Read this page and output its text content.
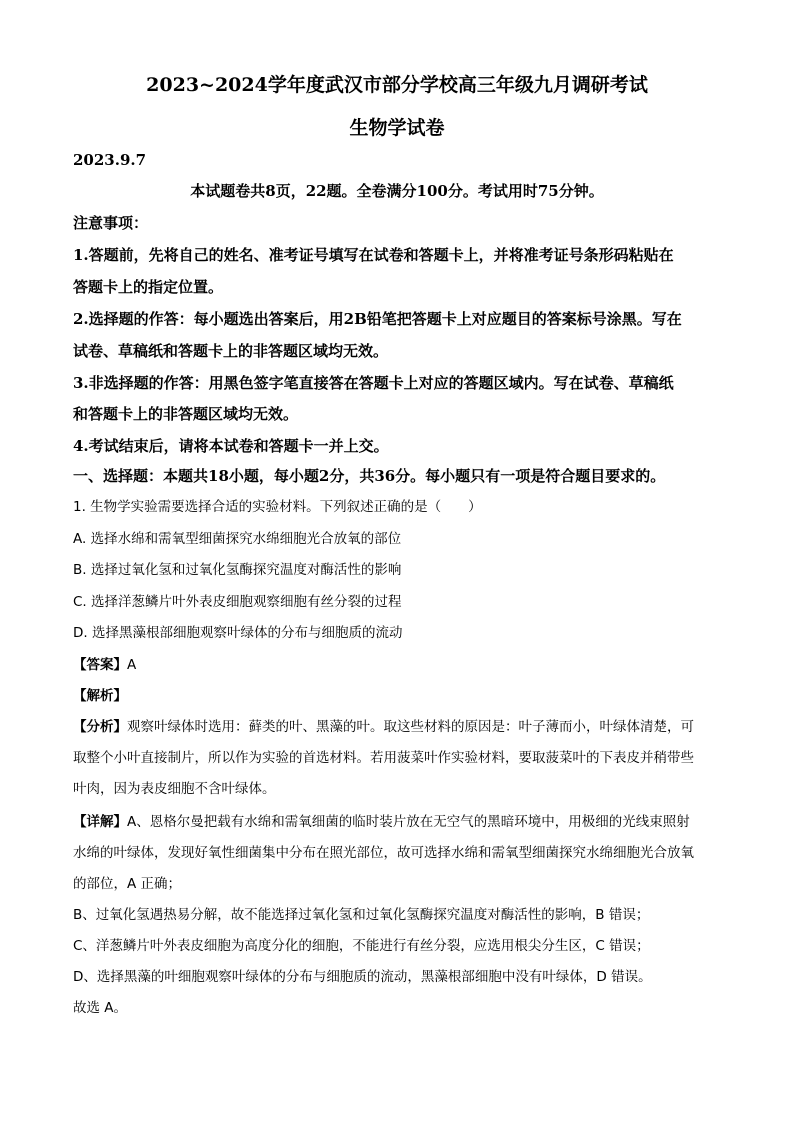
2023~2024学年度武汉市部分学校高三年级九月调研考试
生物学试卷
2023.9.7
本试题卷共8页，22题。全卷满分100分。考试用时75分钟。
注意事项：
1.答题前，先将自己的姓名、准考证号填写在试卷和答题卡上，并将准考证号条形码粘贴在
答题卡上的指定位置。
2.选择题的作答：每小题选出答案后，用2B铅笔把答题卡上对应题目的答案标号涂黑。写在
试卷、草稿纸和答题卡上的非答题区域均无效。
3.非选择题的作答：用黑色签字笔直接答在答题卡上对应的答题区域内。写在试卷、草稿纸
和答题卡上的非答题区域均无效。
4.考试结束后，请将本试卷和答题卡一并上交。
一、选择题：本题共18小题，每小题2分，共36分。每小题只有一项是符合题目要求的。
1. 生物学实验需要选择合适的实验材料。下列叙述正确的是（　　）
A. 选择水绵和需氧型细菌探究水绵细胞光合放氧的部位
B. 选择过氧化氢和过氧化氢酶探究温度对酶活性的影响
C. 选择洋葱鳞片叶外表皮细胞观察细胞有丝分裂的过程
D. 选择黑藻根部细胞观察叶绿体的分布与细胞质的流动
【答案】A
【解析】
【分析】观察叶绿体时选用：藓类的叶、黑藻的叶。取这些材料的原因是：叶子薄而小，叶绿体清楚，可
取整个小叶直接制片，所以作为实验的首选材料。若用菠菜叶作实验材料，要取菠菜叶的下表皮并稍带些
叶肉，因为表皮细胞不含叶绿体。
【详解】A、恩格尔曼把载有水绵和需氧细菌的临时装片放在无空气的黑暗环境中，用极细的光线束照射
水绵的叶绿体，发现好氧性细菌集中分布在照光部位，故可选择水绵和需氧型细菌探究水绵细胞光合放氧
的部位，A 正确；
B、过氧化氢遇热易分解，故不能选择过氧化氢和过氧化氢酶探究温度对酶活性的影响，B 错误；
C、洋葱鳞片叶外表皮细胞为高度分化的细胞，不能进行有丝分裂，应选用根尖分生区，C 错误；
D、选择黑藻的叶细胞观察叶绿体的分布与细胞质的流动，黑藻根部细胞中没有叶绿体，D 错误。
故选 A。
